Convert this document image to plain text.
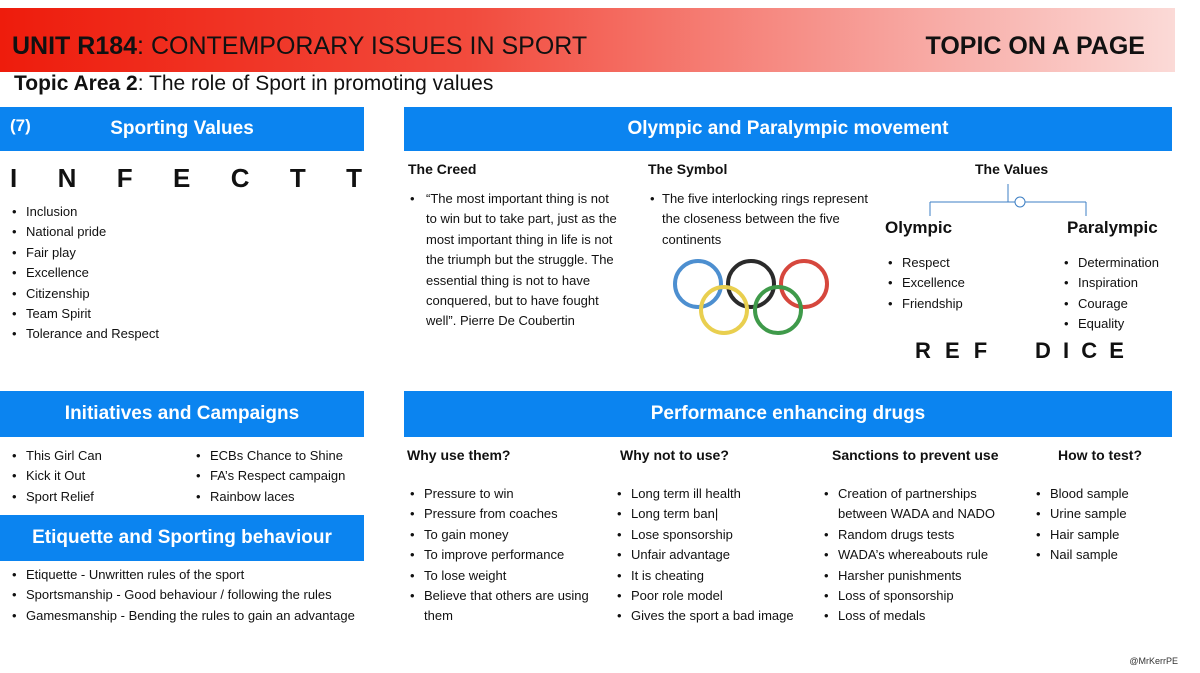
UNIT R184: CONTEMPORARY ISSUES IN SPORT	TOPIC ON A PAGE
Topic Area 2: The role of Sport in promoting values
(7)	Sporting Values
I N F E C T T
• Inclusion
• National pride
• Fair play
• Excellence
• Citizenship
• Team Spirit
• Tolerance and Respect
Olympic and Paralympic movement
The Creed
• “The most important thing is not to win but to take part, just as the most important thing in life is not the triumph but the struggle. The essential thing is not to have conquered, but to have fought well”. Pierre De Coubertin
The Symbol
• The five interlocking rings represent the closeness between the five continents
The Values
Olympic
• Respect
• Excellence
• Friendship
Paralympic
• Determination
• Inspiration
• Courage
• Equality
R E F D I C E
Initiatives and Campaigns
• This Girl Can
• Kick it Out
• Sport Relief
• ECBs Chance to Shine
• FA’s Respect campaign
• Rainbow laces
Etiquette and Sporting behaviour
• Etiquette - Unwritten rules of the sport
• Sportsmanship - Good behaviour / following the rules
• Gamesmanship - Bending the rules to gain an advantage
Performance enhancing drugs
Why use them?
• Pressure to win
• Pressure from coaches
• To gain money
• To improve performance
• To lose weight
• Believe that others are using them
Why not to use?
• Long term ill health
• Long term ban|
• Lose sponsorship
• Unfair advantage
• It is cheating
• Poor role model
• Gives the sport a bad image
Sanctions to prevent use
• Creation of partnerships between WADA and NADO
• Random drugs tests
• WADA’s whereabouts rule
• Harsher punishments
• Loss of sponsorship
• Loss of medals
How to test?
• Blood sample
• Urine sample
• Hair sample
• Nail sample
@MrKerrPE
